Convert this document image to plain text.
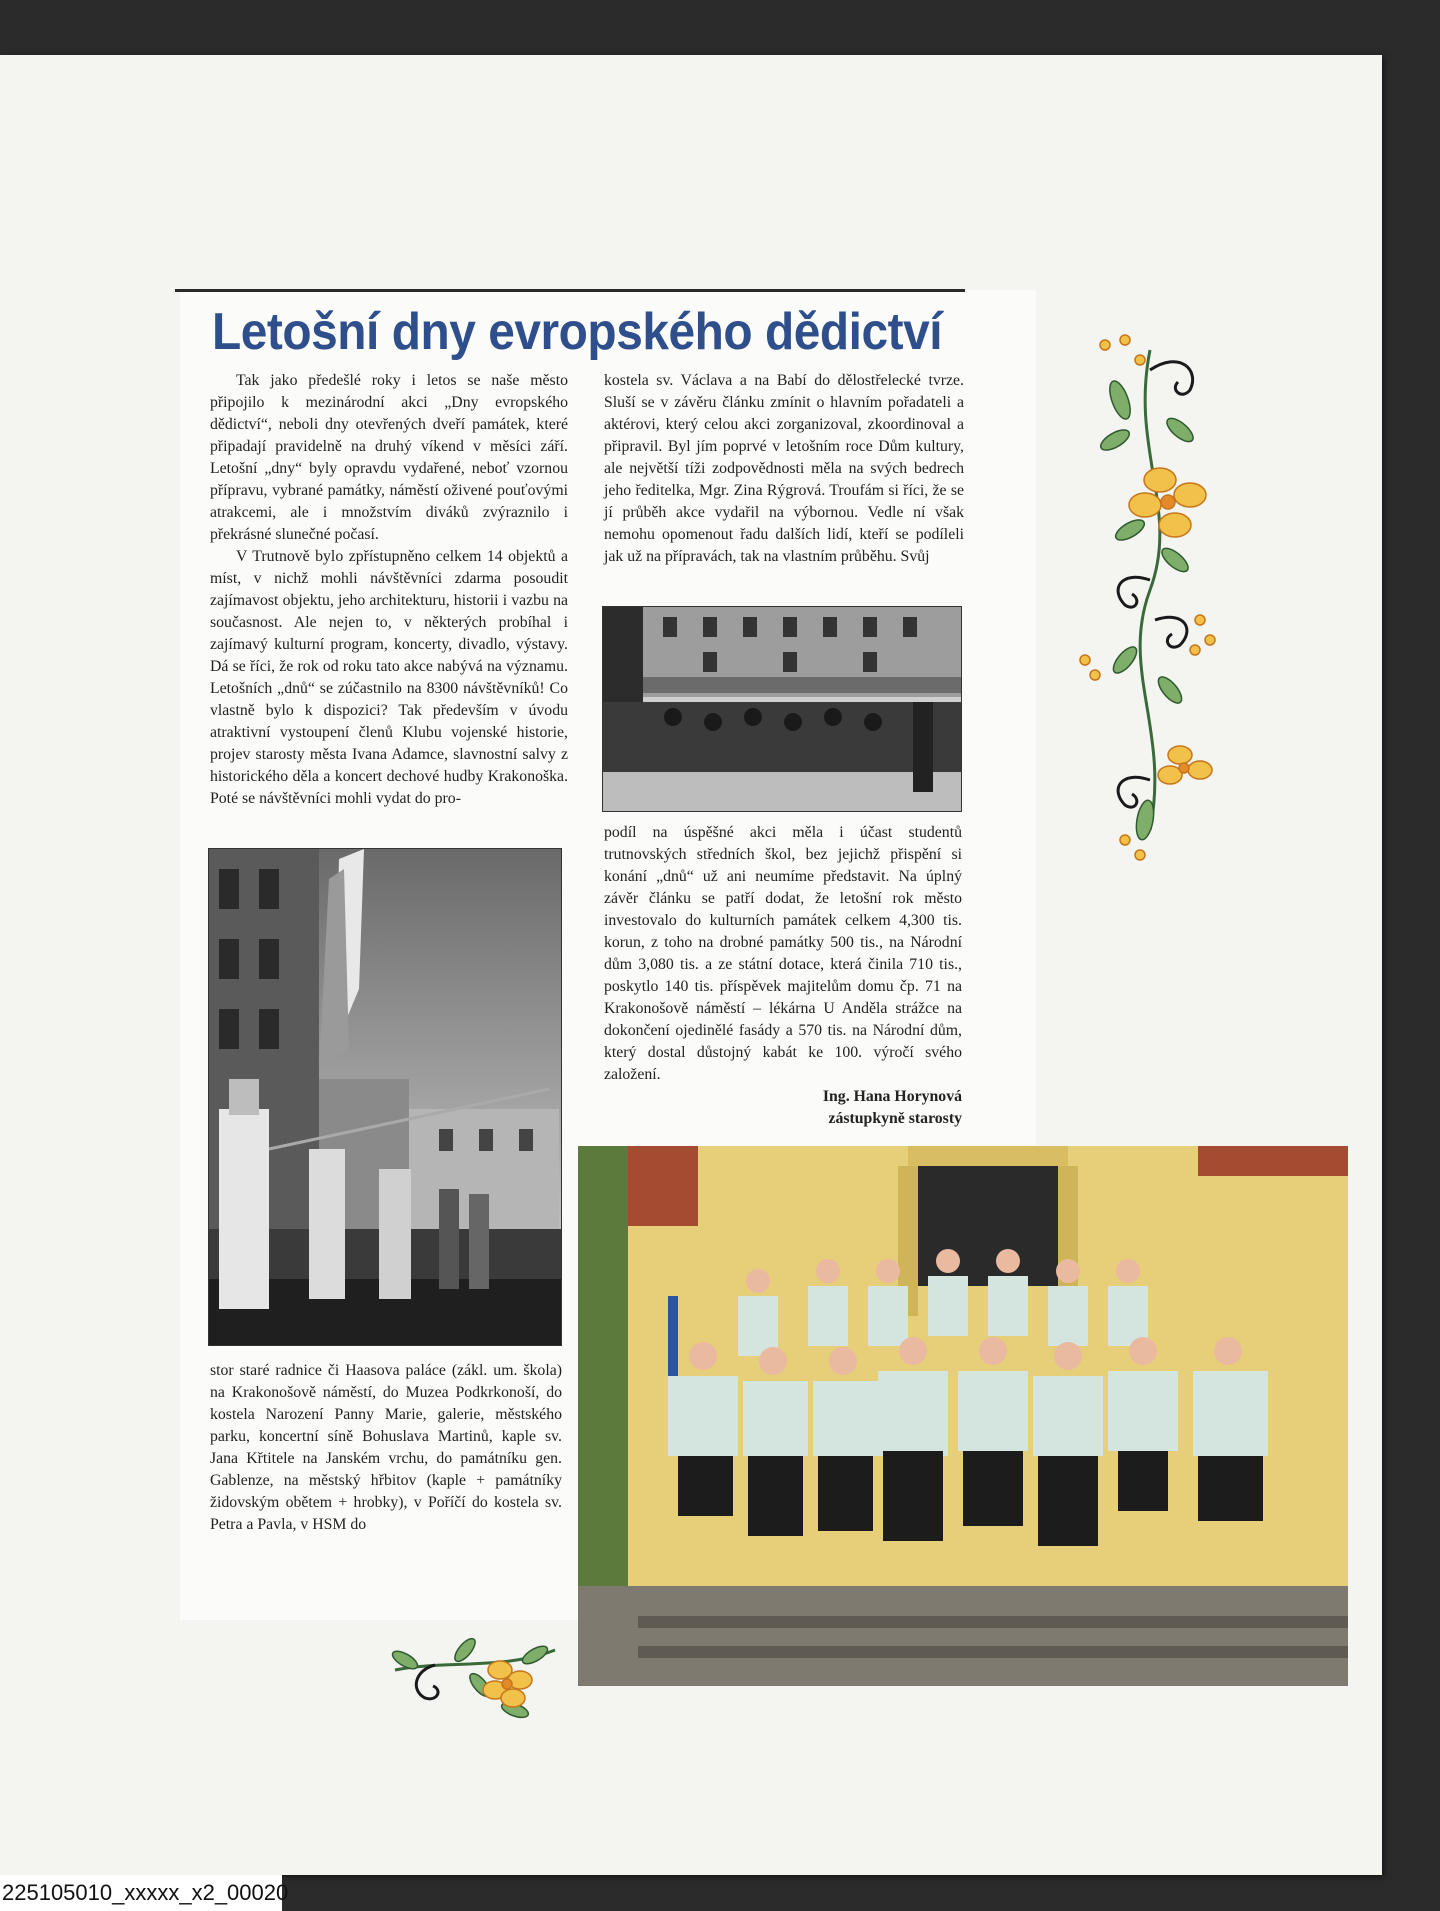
Letošní dny evropského dědictví

Tak jako předešlé roky i letos se naše město připojilo k mezinárodní akci „Dny evropského dědictví“, neboli dny otevřených dveří památek, které připadají pravidelně na druhý víkend v měsíci září. Letošní „dny“ byly opravdu vydařené, neboť vzornou přípravu, vybrané památky, náměstí oživené pouťovými atrakcemi, ale i množstvím diváků zvýraznilo i překrásné slunečné počasí.

V Trutnově bylo zpřístupněno celkem 14 objektů a míst, v nichž mohli návštěvníci zdarma posoudit zajímavost objektu, jeho architekturu, historii i vazbu na současnost. Ale nejen to, v některých probíhal i zajímavý kulturní program, koncerty, divadlo, výstavy. Dá se říci, že rok od roku tato akce nabývá na významu. Letošních „dnů“ se zúčastnilo na 8300 návštěvníků! Co vlastně bylo k dispozici? Tak především v úvodu atraktivní vystoupení členů Klubu vojenské historie, projev starosty města Ivana Adamce, slavnostní salvy z historického děla a koncert dechové hudby Krakonoška. Poté se návštěvníci mohli vydat do pro-

stor staré radnice či Haasova paláce (zákl. um. škola) na Krakonošově náměstí, do Muzea Podkrkonoší, do kostela Narození Panny Marie, galerie, městského parku, koncertní síně Bohuslava Martinů, kaple sv. Jana Křtitele na Janském vrchu, do památníku gen. Gablenze, na městský hřbitov (kaple + památníky židovským obětem + hrobky), v Poříčí do kostela sv. Petra a Pavla, v HSM do

kostela sv. Václava a na Babí do dělostřelecké tvrze. Sluší se v závěru článku zmínit o hlavním pořadateli a aktérovi, který celou akci zorganizoval, zkoordinoval a připravil. Byl jím poprvé v letošním roce Dům kultury, ale největší tíži zodpovědnosti měla na svých bedrech jeho ředitelka, Mgr. Zina Rýgrová. Troufám si říci, že se jí průběh akce vydařil na výbornou. Vedle ní však nemohu opomenout řadu dalších lidí, kteří se podíleli jak už na přípravách, tak na vlastním průběhu. Svůj

podíl na úspěšné akci měla i účast studentů trutnovských středních škol, bez jejichž přispění si konání „dnů“ už ani neumíme představit. Na úplný závěr článku se patří dodat, že letošní rok město investovalo do kulturních památek celkem 4,300 tis. korun, z toho na drobné památky 500 tis., na Národní dům 3,080 tis. a ze státní dotace, která činila 710 tis., poskytlo 140 tis. příspěvek majitelům domu čp. 71 na Krakonošově náměstí – lékárna U Anděla strážce na dokončení ojedinělé fasády a 570 tis. na Národní dům, který dostal důstojný kabát ke 100. výročí svého založení.

Ing. Hana Horynová
zástupkyně starosty
225105010_xxxxx_x2_00020
